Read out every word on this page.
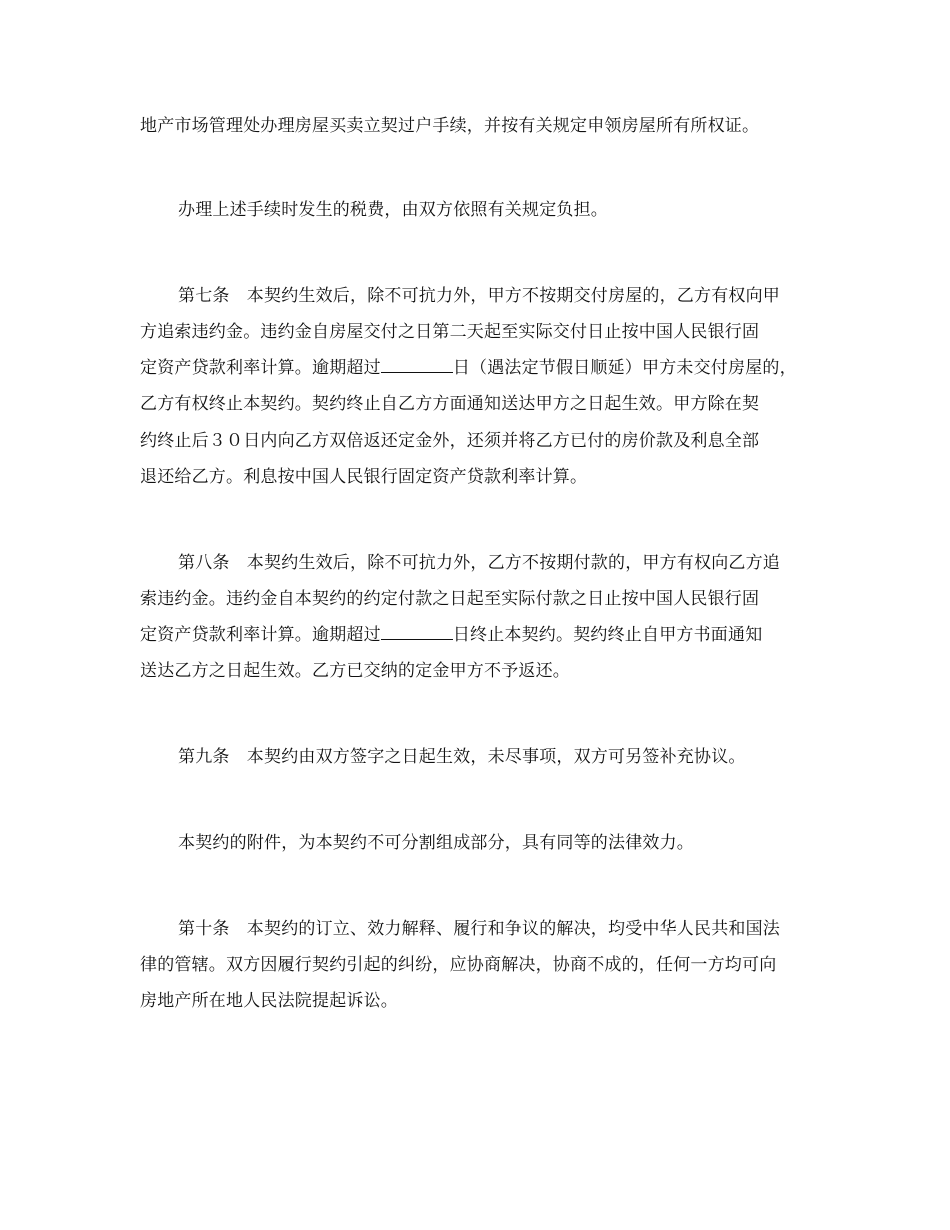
地产市场管理处办理房屋买卖立契过户手续，并按有关规定申领房屋所有所权证。
办理上述手续时发生的税费，由双方依照有关规定负担。
第七条　本契约生效后，除不可抗力外，甲方不按期交付房屋的，乙方有权向甲
方追索违约金。违约金自房屋交付之日第二天起至实际交付日止按中国人民银行固
定资产贷款利率计算。逾期超过	日（遇法定节假日顺延）甲方未交付房屋的，
乙方有权终止本契约。契约终止自乙方方面通知送达甲方之日起生效。甲方除在契
约终止后３０日内向乙方双倍返还定金外，还须并将乙方已付的房价款及利息全部
退还给乙方。利息按中国人民银行固定资产贷款利率计算。
第八条　本契约生效后，除不可抗力外，乙方不按期付款的，甲方有权向乙方追
索违约金。违约金自本契约的约定付款之日起至实际付款之日止按中国人民银行固
定资产贷款利率计算。逾期超过	日终止本契约。契约终止自甲方书面通知
送达乙方之日起生效。乙方已交纳的定金甲方不予返还。
第九条　本契约由双方签字之日起生效，未尽事项，双方可另签补充协议。
本契约的附件，为本契约不可分割组成部分，具有同等的法律效力。
第十条　本契约的订立、效力解释、履行和争议的解决，均受中华人民共和国法
律的管辖。双方因履行契约引起的纠纷，应协商解决，协商不成的，任何一方均可向
房地产所在地人民法院提起诉讼。
